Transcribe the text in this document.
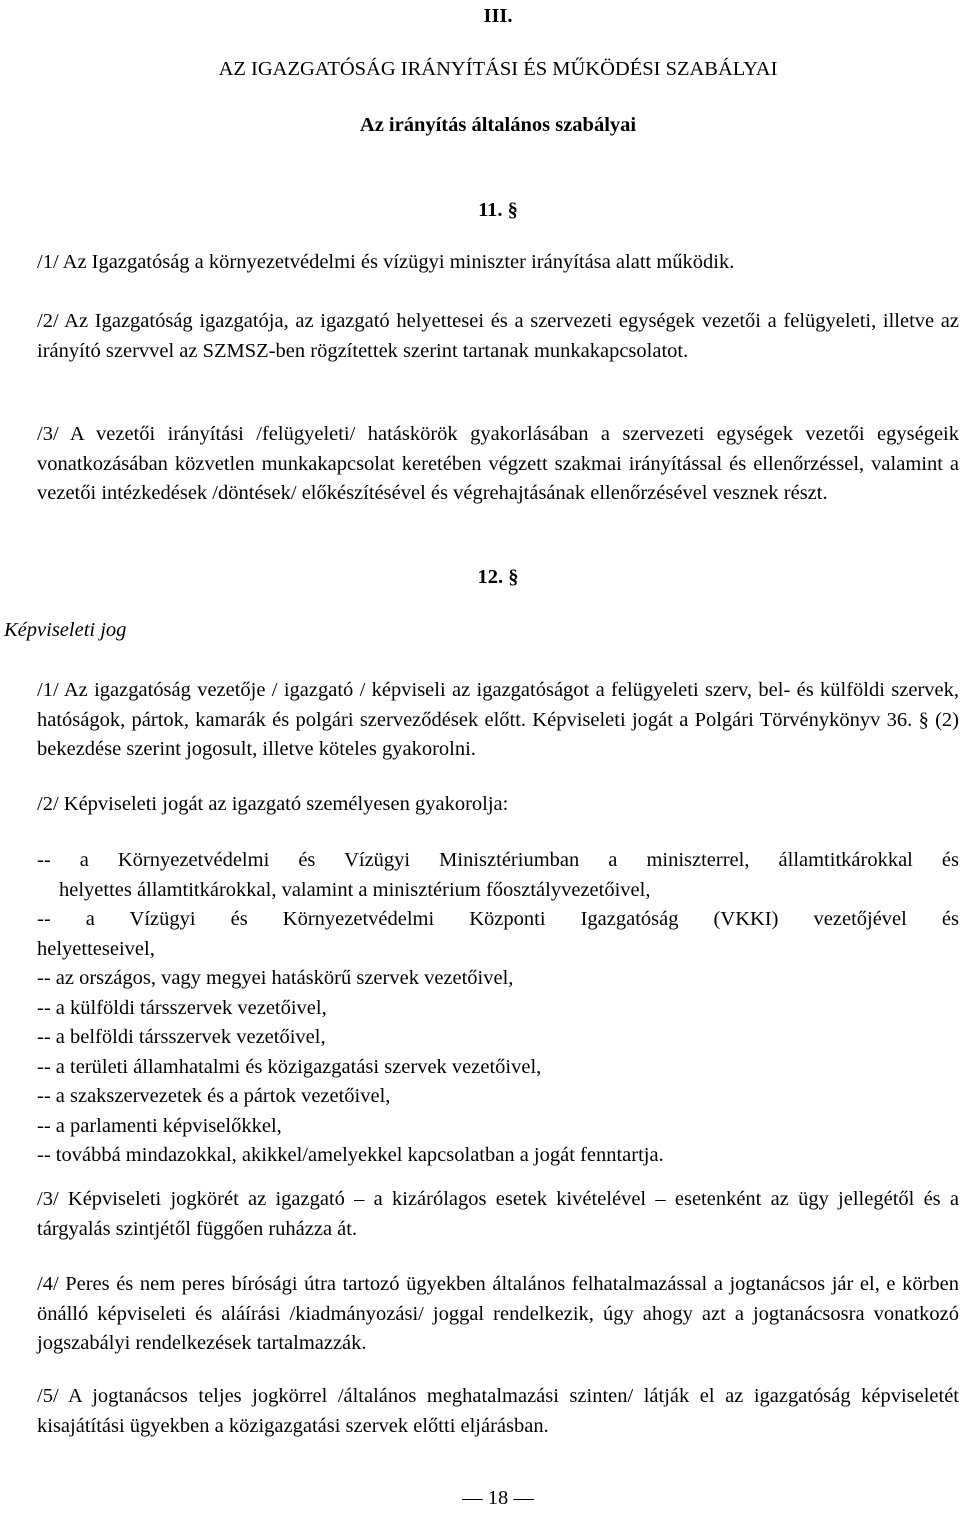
III.
AZ IGAZGATÓSÁG IRÁNYÍTÁSI ÉS MŰKÖDÉSI SZABÁLYAI
Az irányítás általános szabályai
11. §
/1/ Az Igazgatóság a környezetvédelmi és vízügyi miniszter irányítása alatt működik.
/2/ Az Igazgatóság igazgatója, az igazgató helyettesei és a szervezeti egységek vezetői a felügyeleti, illetve az irányító szervvel az SZMSZ-ben rögzítettek szerint tartanak munkakapcsolatot.
/3/ A vezetői irányítási /felügyeleti/ hatáskörök gyakorlásában a szervezeti egységek vezetői egységeik vonatkozásában közvetlen munkakapcsolat keretében végzett szakmai irányítással és ellenőrzéssel, valamint a vezetői intézkedések /döntések/ előkészítésével és végrehajtásának ellenőrzésével vesznek részt.
12. §
Képviseleti jog
/1/ Az igazgatóság vezetője / igazgató / képviseli az igazgatóságot a felügyeleti szerv, bel- és külföldi szervek, hatóságok, pártok, kamarák és polgári szerveződések előtt. Képviseleti jogát a Polgári Törvénykönyv 36. § (2) bekezdése szerint jogosult, illetve köteles gyakorolni.
/2/ Képviseleti jogát az igazgató személyesen gyakorolja:
-- a Környezetvédelmi és Vízügyi Minisztériumban a miniszterrel, államtitkárokkal és
helyettes államtitkárokkal, valamint a minisztérium főosztályvezetőivel,
-- a Vízügyi és Környezetvédelmi Központi Igazgatóság (VKKI) vezetőjével és
helyetteseivel,
-- az országos, vagy megyei hatáskörű szervek vezetőivel,
-- a külföldi társszervek vezetőivel,
-- a belföldi társszervek vezetőivel,
-- a területi államhatalmi és közigazgatási szervek vezetőivel,
-- a szakszervezetek és a pártok vezetőivel,
-- a parlamenti képviselőkkel,
-- továbbá mindazokkal, akikkel/amelyekkel kapcsolatban a jogát fenntartja.
/3/ Képviseleti jogkörét az igazgató – a kizárólagos esetek kivételével – esetenként az ügy jellegétől és a tárgyalás szintjétől függően ruházza át.
/4/ Peres és nem peres bírósági útra tartozó ügyekben általános felhatalmazással a jogtanácsos jár el, e körben önálló képviseleti és aláírási /kiadmányozási/ joggal rendelkezik, úgy ahogy azt a jogtanácsosra vonatkozó jogszabályi rendelkezések tartalmazzák.
/5/ A jogtanácsos teljes jogkörrel /általános meghatalmazási szinten/ látják el az igazgatóság képviseletét kisajátítási ügyekben a közigazgatási szervek előtti eljárásban.
— 18 —
